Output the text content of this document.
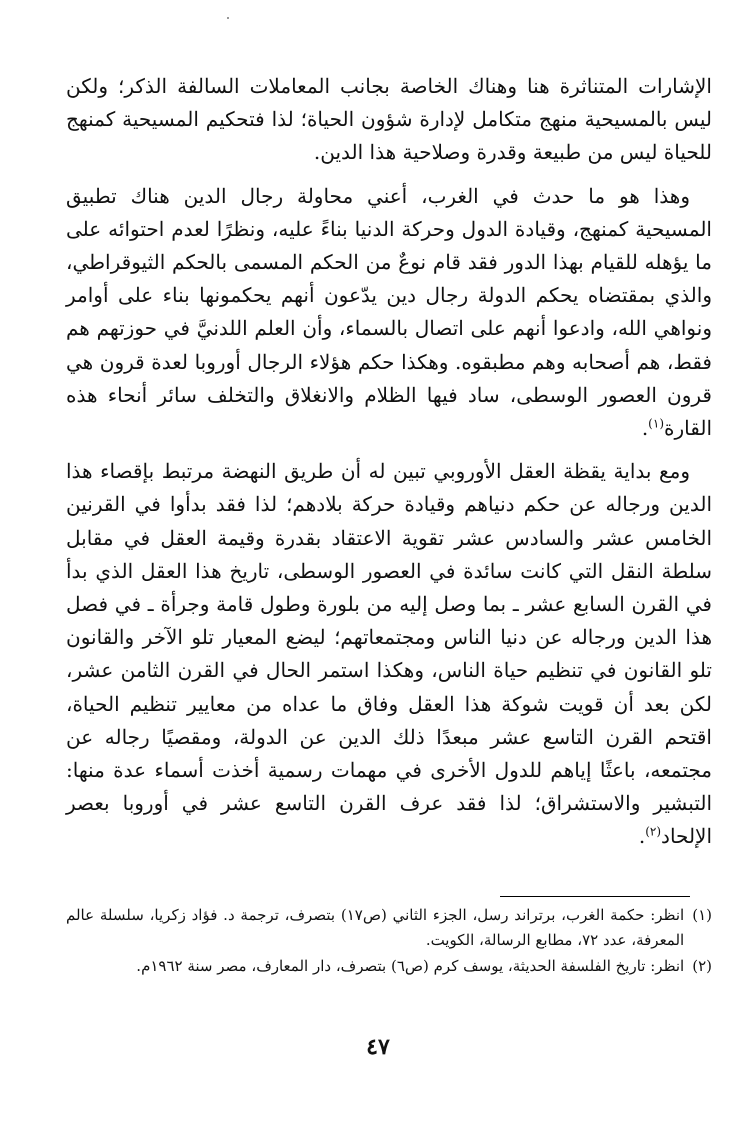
الإشارات المتناثرة هنا وهناك الخاصة بجانب المعاملات السالفة الذكر؛ ولكن ليس بالمسيحية منهج متكامل لإدارة شؤون الحياة؛ لذا فتحكيم المسيحية كمنهج للحياة ليس من طبيعة وقدرة وصلاحية هذا الدين.

وهذا هو ما حدث في الغرب، أعني محاولة رجال الدين هناك تطبيق المسيحية كمنهج، وقيادة الدول وحركة الدنيا بناءً عليه، ونظرًا لعدم احتوائه على ما يؤهله للقيام بهذا الدور فقد قام نوعٌ من الحكم المسمى بالحكم الثيوقراطي، والذي بمقتضاه يحكم الدولة رجال دين يدّعون أنهم يحكمونها بناء على أوامر ونواهي الله، وادعوا أنهم على اتصال بالسماء، وأن العلم اللدنيَّ في حوزتهم هم فقط، هم أصحابه وهم مطبقوه. وهكذا حكم هؤلاء الرجال أوروبا لعدة قرون هي قرون العصور الوسطى، ساد فيها الظلام والانغلاق والتخلف سائر أنحاء هذه القارة$^{(١)}$.

ومع بداية يقظة العقل الأوروبي تبين له أن طريق النهضة مرتبط بإقصاء هذا الدين ورجاله عن حكم دنياهم وقيادة حركة بلادهم؛ لذا فقد بدأوا في القرنين الخامس عشر والسادس عشر تقوية الاعتقاد بقدرة وقيمة العقل في مقابل سلطة النقل التي كانت سائدة في العصور الوسطى، تاريخ هذا العقل الذي بدأ في القرن السابع عشر ـ بما وصل إليه من بلورة وطول قامة وجرأة ـ في فصل هذا الدين ورجاله عن دنيا الناس ومجتمعاتهم؛ ليضع المعيار تلو الآخر والقانون تلو القانون في تنظيم حياة الناس، وهكذا استمر الحال في القرن الثامن عشر، لكن بعد أن قويت شوكة هذا العقل وفاق ما عداه من معايير تنظيم الحياة، اقتحم القرن التاسع عشر مبعدًا ذلك الدين عن الدولة، ومقصيًا رجاله عن مجتمعه، باعثًا إياهم للدول الأخرى في مهمات رسمية أخذت أسماء عدة منها: التبشير والاستشراق؛ لذا فقد عرف القرن التاسع عشر في أوروبا بعصر الإلحاد$^{(٢)}$.

(١)
انظر: حكمة الغرب، برتراند رسل، الجزء الثاني (ص١٧) بتصرف، ترجمة د. فؤاد زكريا، سلسلة عالم المعرفة، عدد ٧٢، مطابع الرسالة، الكويت.
(٢)
انظر: تاريخ الفلسفة الحديثة، يوسف كرم (ص٦) بتصرف، دار المعارف، مصر سنة ١٩٦٢م.
٤٧
